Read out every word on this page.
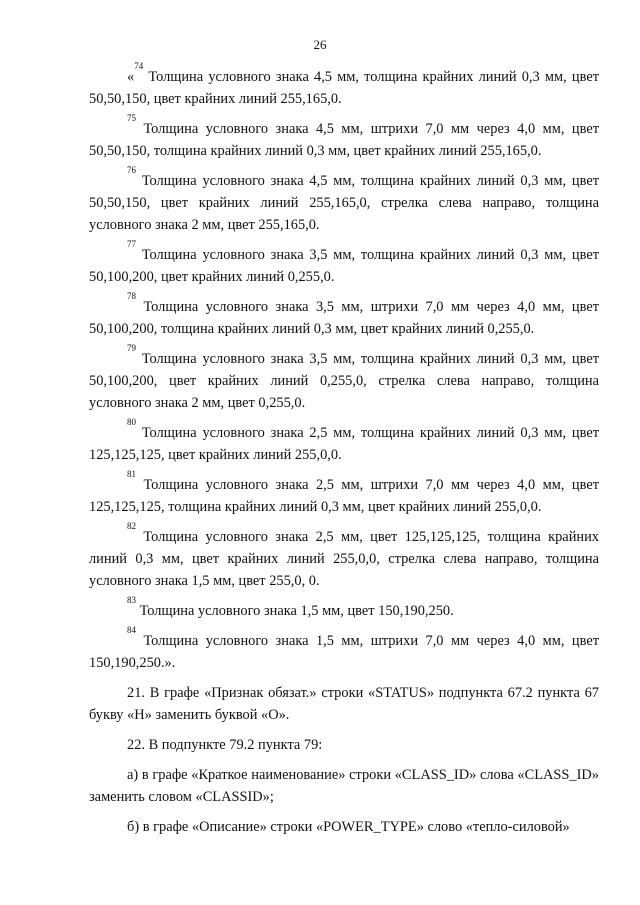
26

«$^{74}$ Толщина условного знака 4,5 мм, толщина крайних линий 0,3 мм, цвет 50,50,150, цвет крайних линий 255,165,0.

$^{75}$ Толщина условного знака 4,5 мм, штрихи 7,0 мм через 4,0 мм, цвет 50,50,150, толщина крайних линий 0,3 мм, цвет крайних линий 255,165,0.

$^{76}$ Толщина условного знака 4,5 мм, толщина крайних линий 0,3 мм, цвет 50,50,150, цвет крайних линий 255,165,0, стрелка слева направо, толщина условного знака 2 мм, цвет 255,165,0.

$^{77}$ Толщина условного знака 3,5 мм, толщина крайних линий 0,3 мм, цвет 50,100,200, цвет крайних линий 0,255,0.

$^{78}$ Толщина условного знака 3,5 мм, штрихи 7,0 мм через 4,0 мм, цвет 50,100,200, толщина крайних линий 0,3 мм, цвет крайних линий 0,255,0.

$^{79}$ Толщина условного знака 3,5 мм, толщина крайних линий 0,3 мм, цвет 50,100,200, цвет крайних линий 0,255,0, стрелка слева направо, толщина условного знака 2 мм, цвет 0,255,0.

$^{80}$ Толщина условного знака 2,5 мм, толщина крайних линий 0,3 мм, цвет 125,125,125, цвет крайних линий 255,0,0.

$^{81}$ Толщина условного знака 2,5 мм, штрихи 7,0 мм через 4,0 мм, цвет 125,125,125, толщина крайних линий 0,3 мм, цвет крайних линий 255,0,0.

$^{82}$ Толщина условного знака 2,5 мм, цвет 125,125,125, толщина крайних линий 0,3 мм, цвет крайних линий 255,0,0, стрелка слева направо, толщина условного знака 1,5 мм, цвет 255,0, 0.

$^{83}$ Толщина условного знака 1,5 мм, цвет 150,190,250.

$^{84}$ Толщина условного знака 1,5 мм, штрихи 7,0 мм через 4,0 мм, цвет 150,190,250.».

21. В графе «Признак обязат.» строки «STATUS» подпункта 67.2 пункта 67 букву «Н» заменить буквой «О».

22. В подпункте 79.2 пункта 79:

а) в графе «Краткое наименование» строки «CLASS_ID» слова «CLASS_ID» заменить словом «CLASSID»;

б) в графе «Описание» строки «POWER_TYPE» слово «тепло-силовой»
